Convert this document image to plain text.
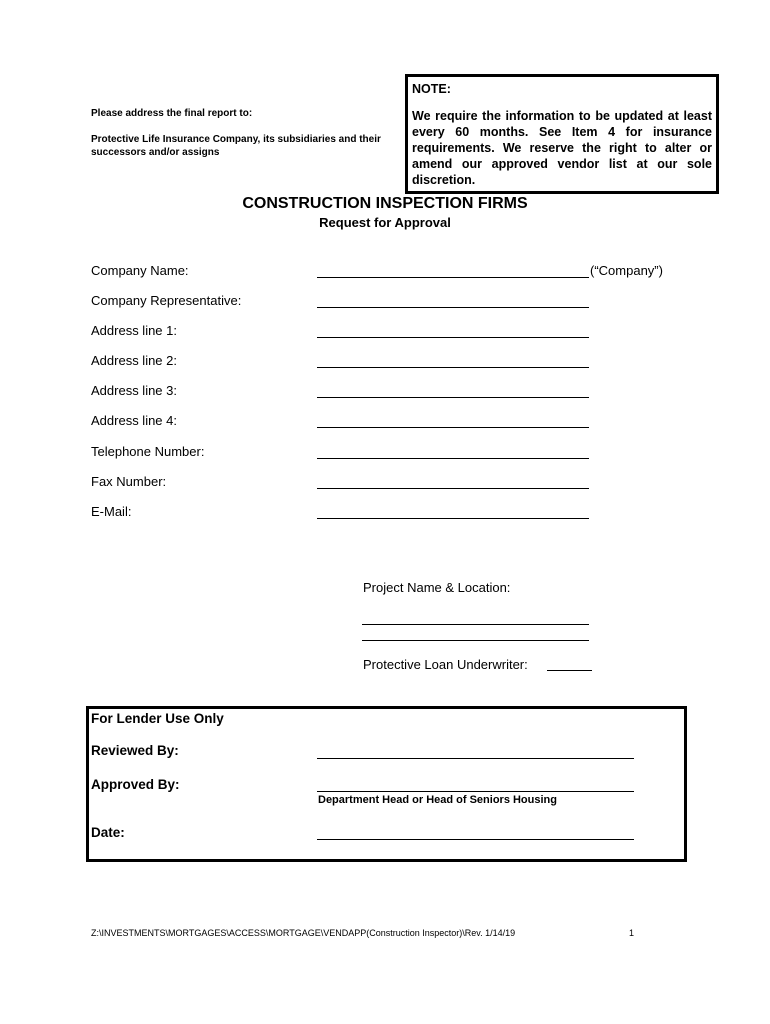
Please address the final report to:
Protective Life Insurance Company, its subsidiaries and their successors and/or assigns
NOTE:
We require the information to be updated at least every 60 months. See Item 4 for insurance requirements. We reserve the right to alter or amend our approved vendor list at our sole discretion.
CONSTRUCTION INSPECTION FIRMS
Request for Approval
Company Name:	(“Company”)
Company Representative:
Address line 1:
Address line 2:
Address line 3:
Address line 4:
Telephone Number:
Fax Number:
E-Mail:
Project Name & Location:
Protective Loan Underwriter:
For Lender Use Only
Reviewed By:
Approved By:
Department Head or Head of Seniors Housing
Date:
Z:\INVESTMENTS\MORTGAGES\ACCESS\MORTGAGE\VENDAPP(Construction Inspector)\Rev. 1/14/19	1
